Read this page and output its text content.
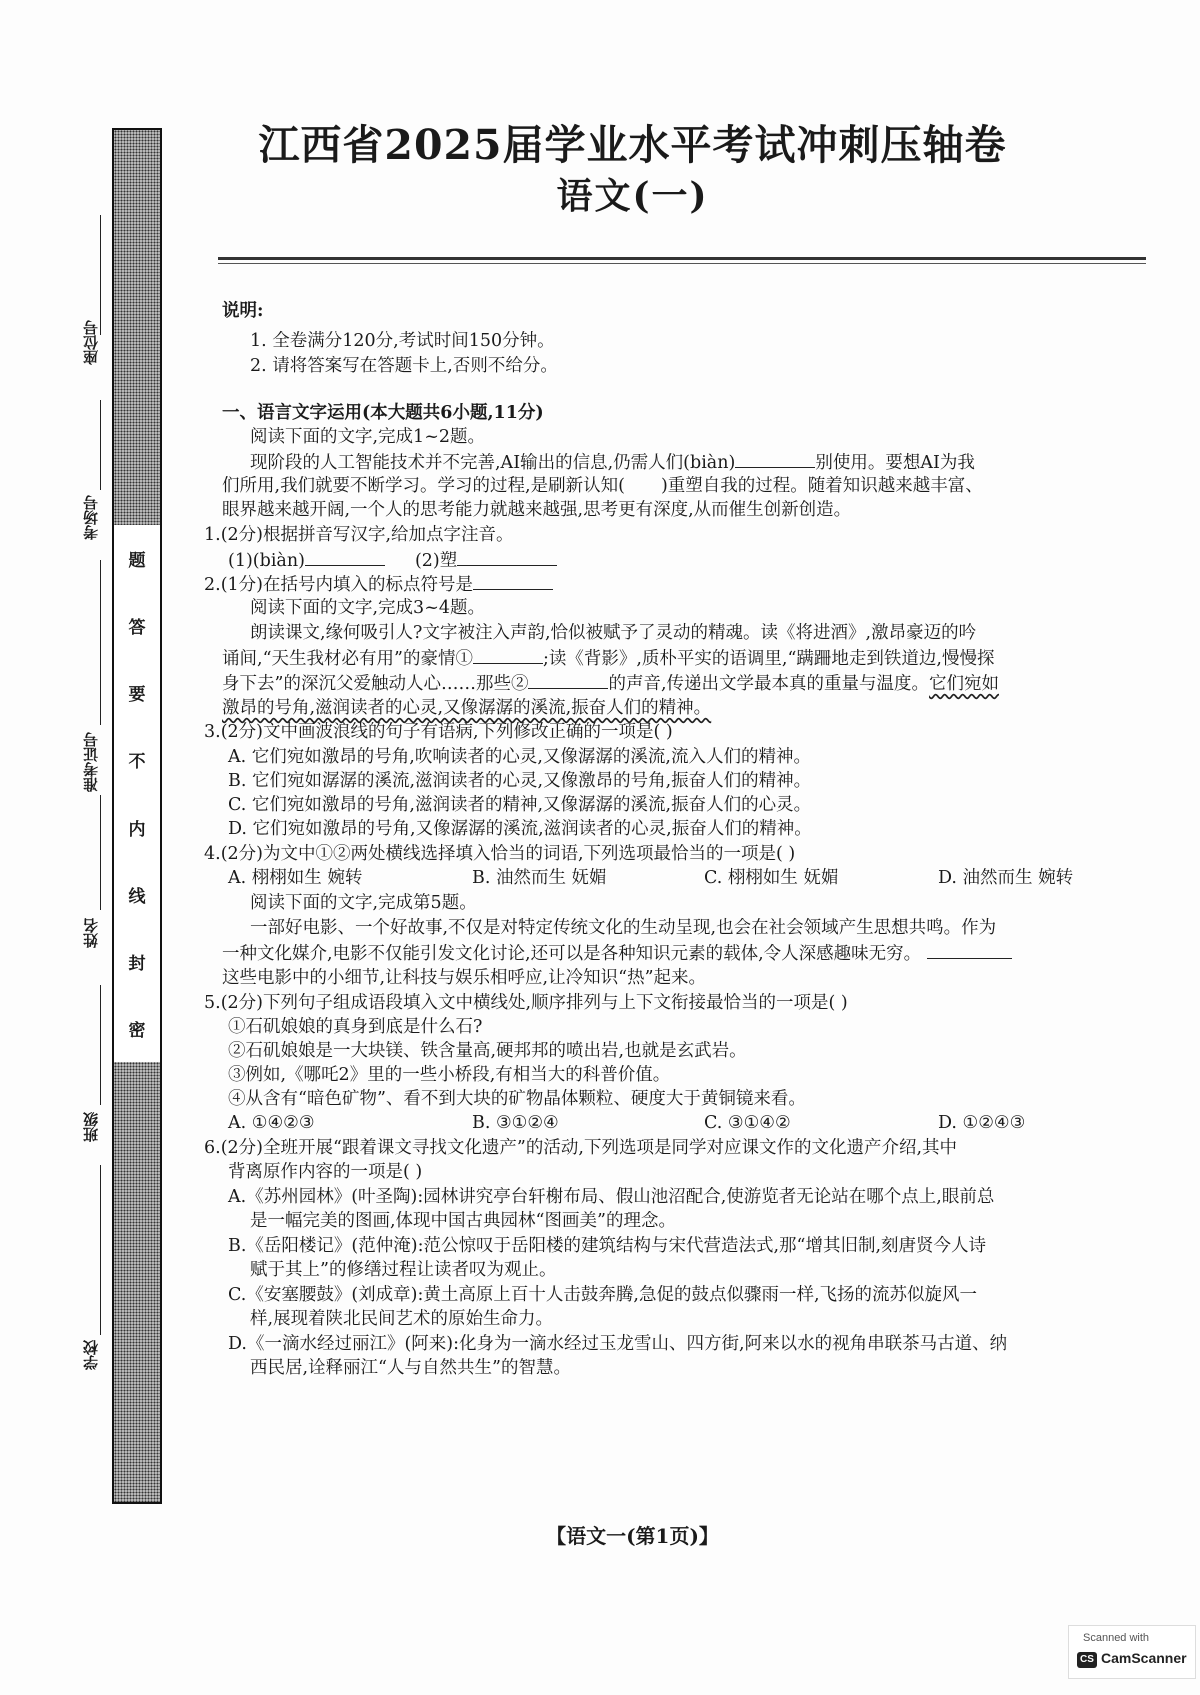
题
答
要
不
内
线
封
密
座位号
考场号
准考证号
姓名
班级
学校
江西省2025届学业水平考试冲刺压轴卷
语文(一)
说明:
1. 全卷满分120分,考试时间150分钟。
2. 请将答案写在答题卡上,否则不给分。
一、语言文字运用(本大题共6小题,11分)
阅读下面的文字,完成1~2题。
现阶段的人工智能技术并不完善,AI输出的信息,仍需人们(biàn)	别使用。要想AI为我
们所用,我们就要不断学习。学习的过程,是刷新认知( )重塑自我的过程。随着知识越来越丰富、
眼界越来越开阔,一个人的思考能力就越来越强,思考更有深度,从而催生创新创造。
1.(2分)根据拼音写汉字,给加点字注音。
(1)(biàn)	(2)塑
2.(1分)在括号内填入的标点符号是
阅读下面的文字,完成3~4题。
朗读课文,缘何吸引人?文字被注入声韵,恰似被赋予了灵动的精魂。读《将进酒》,激昂豪迈的吟
诵间,“天生我材必有用”的豪情①	;读《背影》,质朴平实的语调里,“蹒跚地走到铁道边,慢慢探
身下去”的深沉父爱触动人心……那些②	的声音,传递出文学最本真的重量与温度。它们宛如
激昂的号角,滋润读者的心灵,又像潺潺的溪流,振奋人们的精神。
3.(2分)文中画波浪线的句子有语病,下列修改正确的一项是( )
A. 它们宛如激昂的号角,吹响读者的心灵,又像潺潺的溪流,流入人们的精神。
B. 它们宛如潺潺的溪流,滋润读者的心灵,又像激昂的号角,振奋人们的精神。
C. 它们宛如激昂的号角,滋润读者的精神,又像潺潺的溪流,振奋人们的心灵。
D. 它们宛如激昂的号角,又像潺潺的溪流,滋润读者的心灵,振奋人们的精神。
4.(2分)为文中①②两处横线选择填入恰当的词语,下列选项最恰当的一项是( )
A. 栩栩如生 婉转	B. 油然而生 妩媚	C. 栩栩如生 妩媚	D. 油然而生 婉转
阅读下面的文字,完成第5题。
一部好电影、一个好故事,不仅是对特定传统文化的生动呈现,也会在社会领域产生思想共鸣。作为
一种文化媒介,电影不仅能引发文化讨论,还可以是各种知识元素的载体,令人深感趣味无穷。
这些电影中的小细节,让科技与娱乐相呼应,让冷知识“热”起来。
5.(2分)下列句子组成语段填入文中横线处,顺序排列与上下文衔接最恰当的一项是( )
①石矶娘娘的真身到底是什么石?
②石矶娘娘是一大块镁、铁含量高,硬邦邦的喷出岩,也就是玄武岩。
③例如,《哪吒2》里的一些小桥段,有相当大的科普价值。
④从含有“暗色矿物”、看不到大块的矿物晶体颗粒、硬度大于黄铜镜来看。
A. ①④②③	B. ③①②④	C. ③①④②	D. ①②④③
6.(2分)全班开展“跟着课文寻找文化遗产”的活动,下列选项是同学对应课文作的文化遗产介绍,其中
背离原作内容的一项是( )
A.《苏州园林》(叶圣陶):园林讲究亭台轩榭布局、假山池沼配合,使游览者无论站在哪个点上,眼前总
是一幅完美的图画,体现中国古典园林“图画美”的理念。
B.《岳阳楼记》(范仲淹):范公惊叹于岳阳楼的建筑结构与宋代营造法式,那“增其旧制,刻唐贤今人诗
赋于其上”的修缮过程让读者叹为观止。
C.《安塞腰鼓》(刘成章):黄土高原上百十人击鼓奔腾,急促的鼓点似骤雨一样,飞扬的流苏似旋风一
样,展现着陕北民间艺术的原始生命力。
D.《一滴水经过丽江》(阿来):化身为一滴水经过玉龙雪山、四方街,阿来以水的视角串联茶马古道、纳
西民居,诠释丽江“人与自然共生”的智慧。
【语文一(第1页)】
Scanned with
CS CamScanner
